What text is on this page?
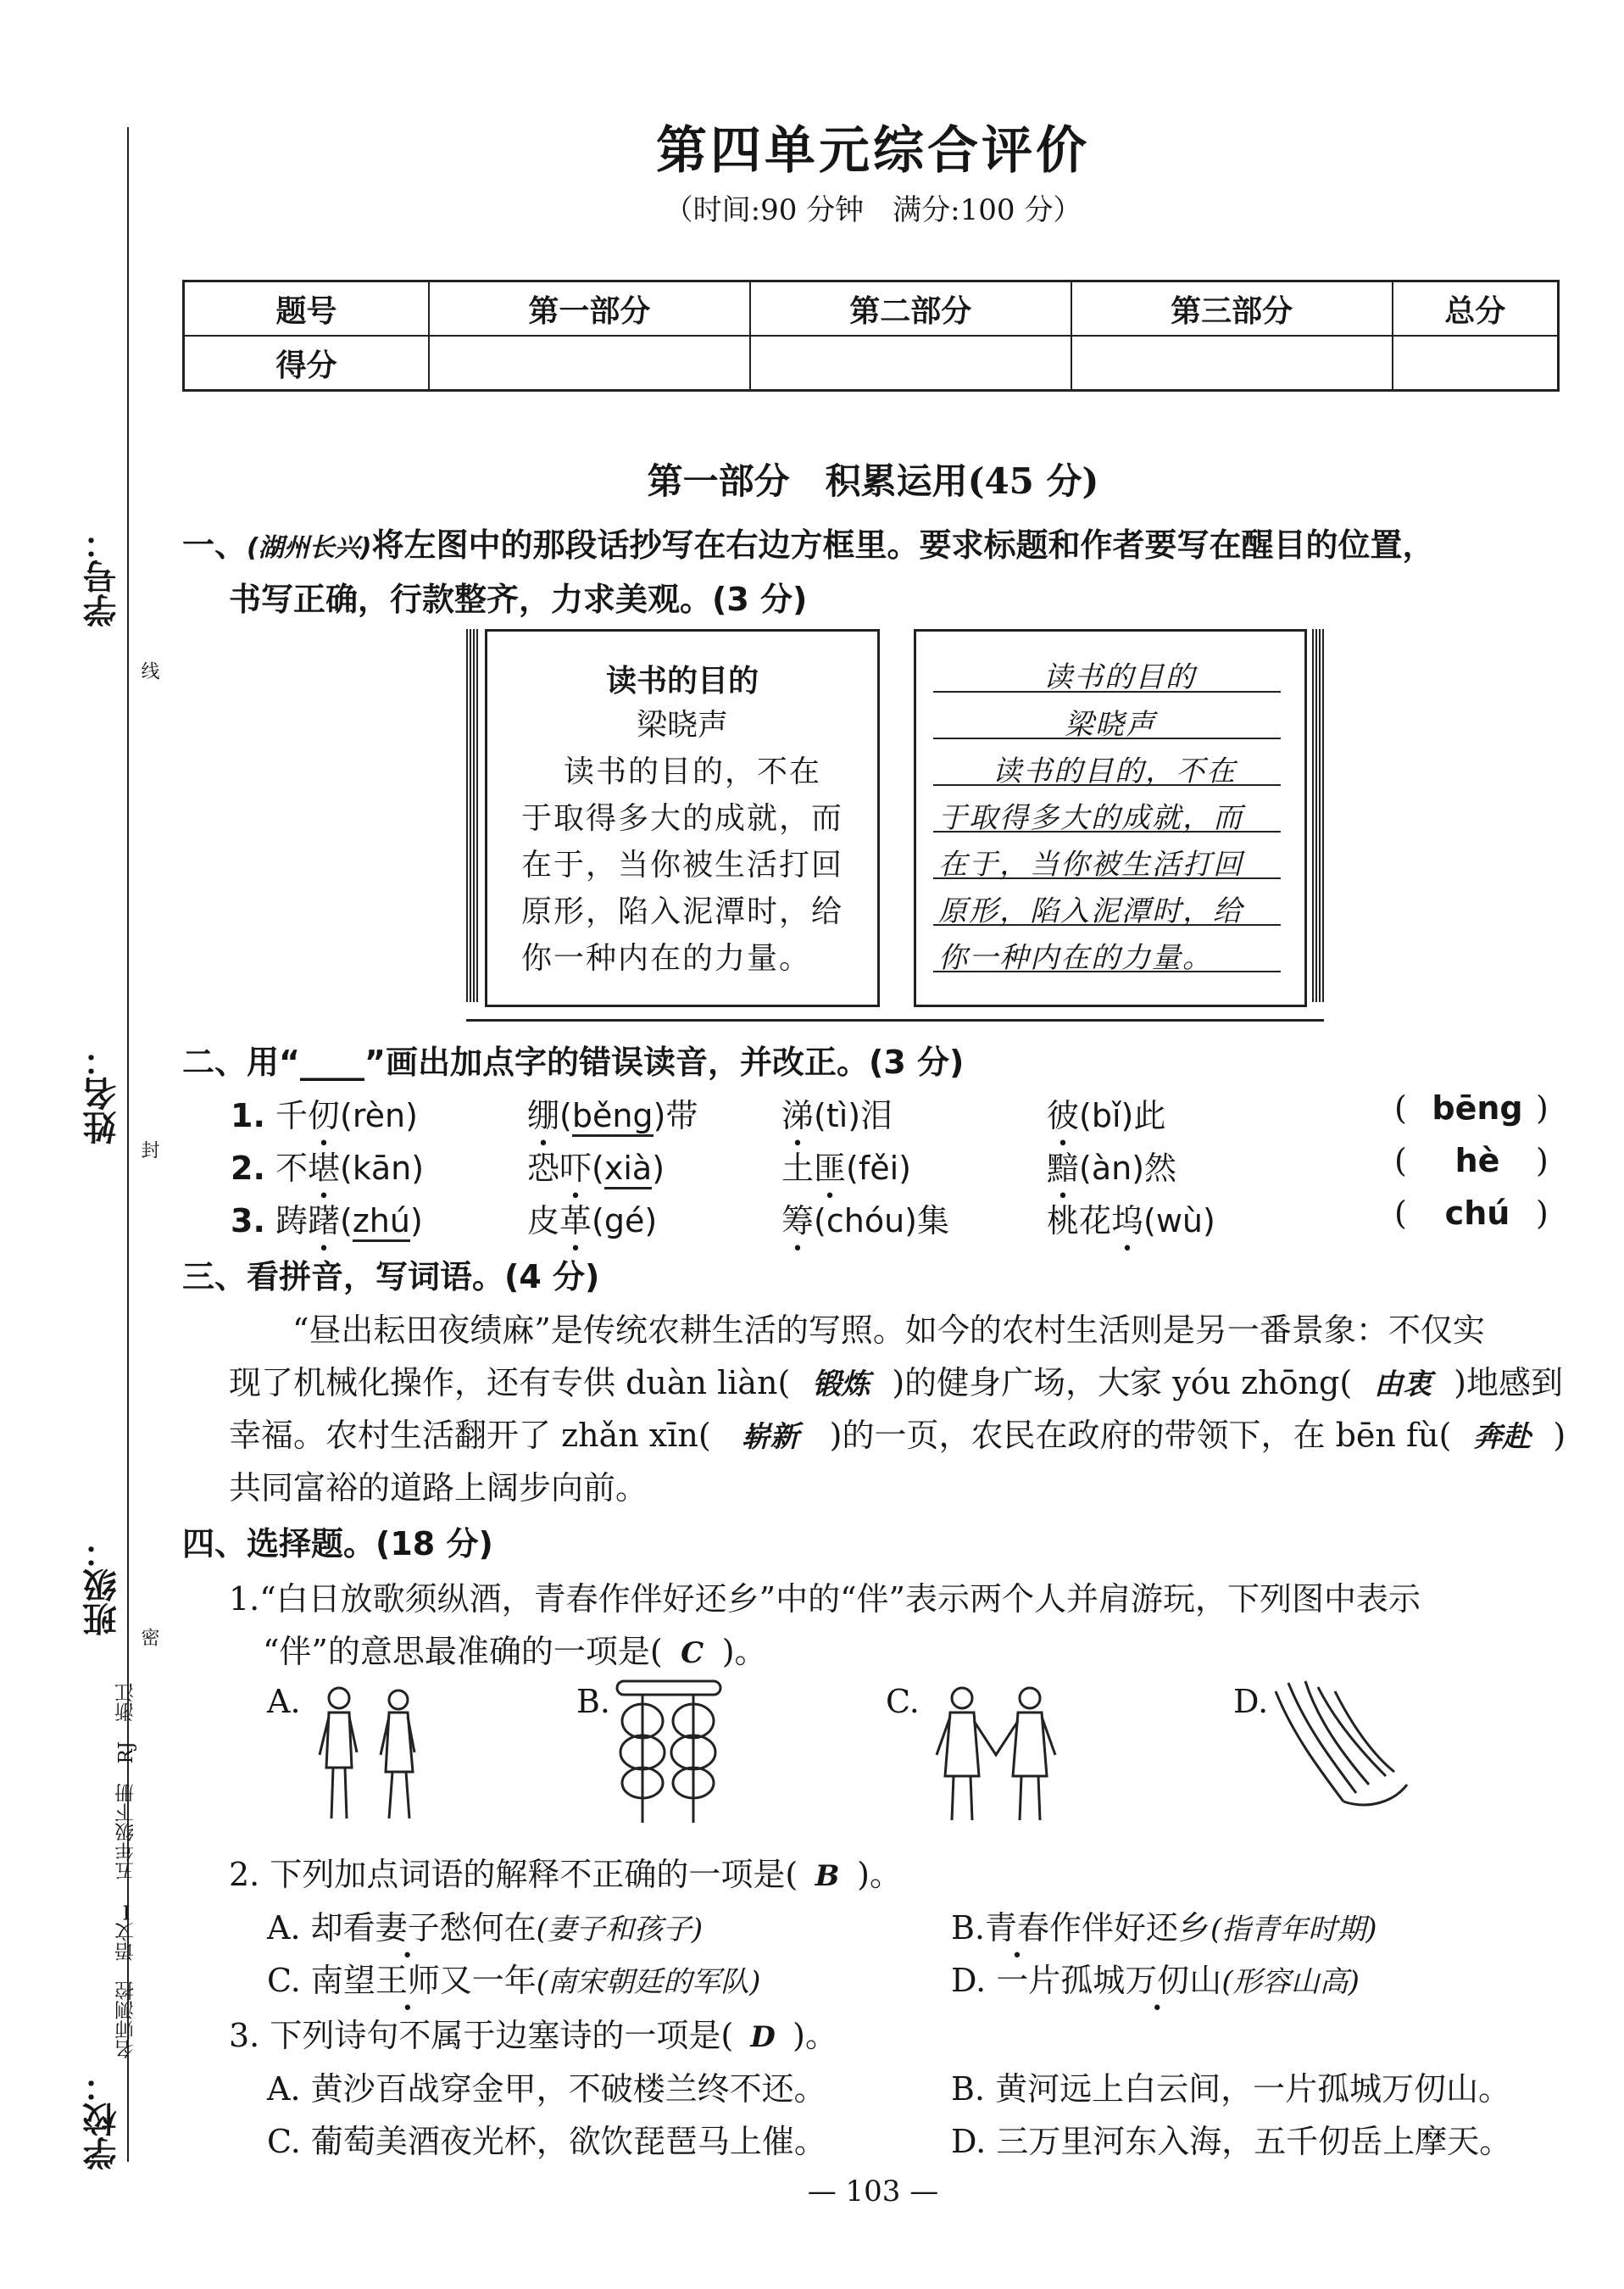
学号：
姓名：
班级：
学校：
线
封
密
名师测控　语文Ⅰ　五年级下册　RJ　浙江
第四单元综合评价
（时间:90 分钟　满分:100 分）
题号	第一部分	第二部分	第三部分	总分
得分				
第一部分　积累运用(45 分)
一、(湖州长兴)将左图中的那段话抄写在右边方框里。要求标题和作者要写在醒目的位置，
书写正确，行款整齐，力求美观。(3 分)
读书的目的
梁晓声
读书的目的，不在
于取得多大的成就，而
在于，当你被生活打回
原形，陷入泥潭时，给
你一种内在的力量。
读书的目的
梁晓声
读书的目的，不在
于取得多大的成就，而
在于，当你被生活打回
原形，陷入泥潭时，给
你一种内在的力量。
二、用“____”画出加点字的错误读音，并改正。(3 分)
1. 千仞(rèn)	绷(běng)带	涕(tì)泪	彼(bǐ)此	( bēng )
2. 不堪(kān)	恐吓(xià)	土匪(fěi)	黯(àn)然	(	hè	)
3. 踌躇(zhú)	皮革(gé)	筹(chóu)集	桃花坞(wù)	(	chú )
三、看拼音，写词语。(4 分)
“昼出耘田夜绩麻”是传统农耕生活的写照。如今的农村生活则是另一番景象：不仅实
现了机械化操作，还有专供 duàn liàn( 锻炼 )的健身广场，大家 yóu zhōng( 由衷 )地感到
幸福。农村生活翻开了 zhǎn xīn( 崭新 )的一页，农民在政府的带领下，在 bēn fù( 奔赴 )
共同富裕的道路上阔步向前。
四、选择题。(18 分)
1.“白日放歌须纵酒，青春作伴好还乡”中的“伴”表示两个人并肩游玩，下列图中表示
“伴”的意思最准确的一项是( C )。
A.	B.	C.	D.
2. 下列加点词语的解释不正确的一项是( B )。
A. 却看妻子愁何在(妻子和孩子)	B.青春作伴好还乡(指青年时期)
C. 南望王师又一年(南宋朝廷的军队)	D. 一片孤城万仞山(形容山高)
3. 下列诗句不属于边塞诗的一项是( D )。
A. 黄沙百战穿金甲，不破楼兰终不还。	B. 黄河远上白云间，一片孤城万仞山。
C. 葡萄美酒夜光杯，欲饮琵琶马上催。	D. 三万里河东入海，五千仞岳上摩天。
— 103 —
